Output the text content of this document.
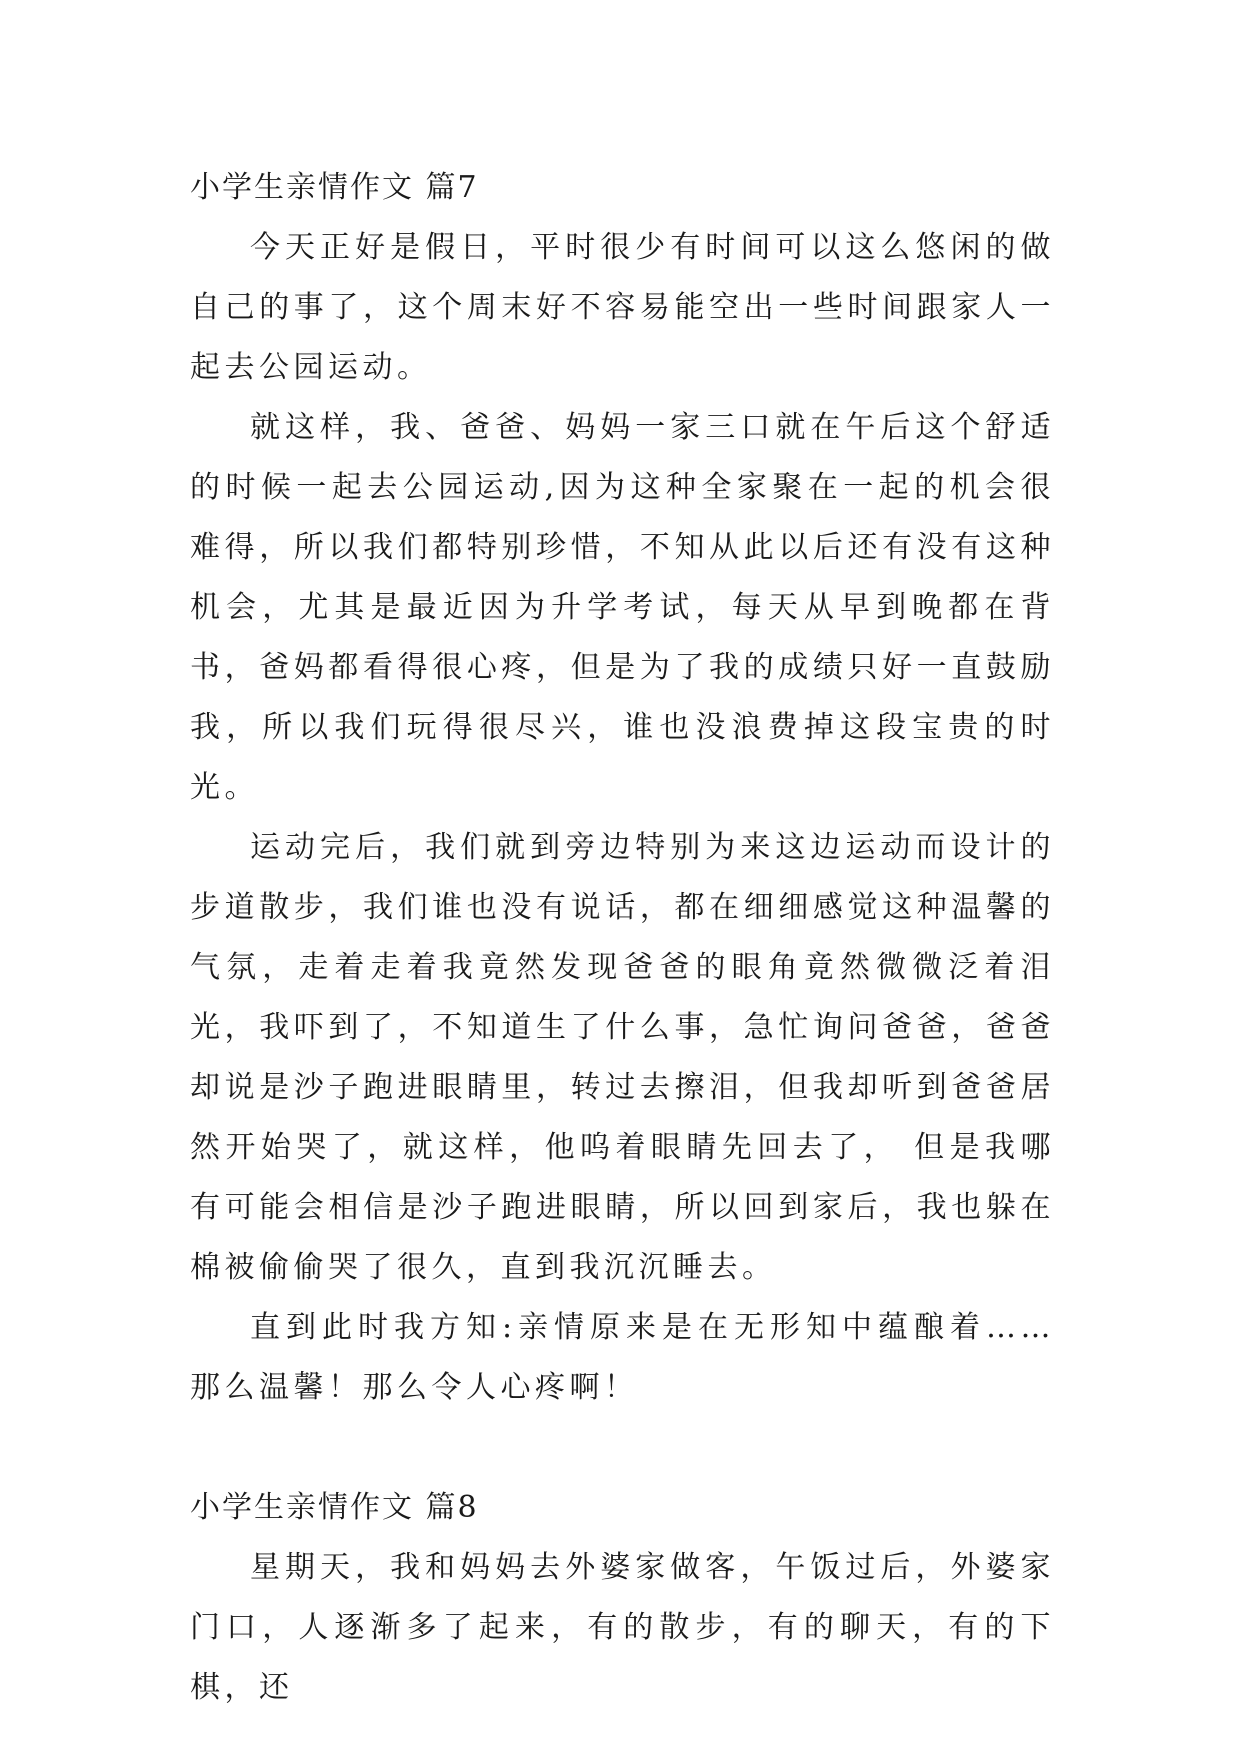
小学生亲情作文 篇7

今天正好是假日，平时很少有时间可以这么悠闲的做自己的事了，这个周末好不容易能空出一些时间跟家人一起去公园运动。

就这样，我、爸爸、妈妈一家三口就在午后这个舒适的时候一起去公园运动,因为这种全家聚在一起的机会很难得，所以我们都特别珍惜，不知从此以后还有没有这种机会，尤其是最近因为升学考试，每天从早到晚都在背书，爸妈都看得很心疼，但是为了我的成绩只好一直鼓励我，所以我们玩得很尽兴，谁也没浪费掉这段宝贵的时光。

运动完后，我们就到旁边特别为来这边运动而设计的步道散步，我们谁也没有说话，都在细细感觉这种温馨的气氛，走着走着我竟然发现爸爸的眼角竟然微微泛着泪光，我吓到了，不知道生了什么事，急忙询问爸爸，爸爸却说是沙子跑进眼睛里，转过去擦泪，但我却听到爸爸居然开始哭了，就这样，他呜着眼睛先回去了， 但是我哪有可能会相信是沙子跑进眼睛，所以回到家后，我也躲在棉被偷偷哭了很久，直到我沉沉睡去。

直到此时我方知:亲情原来是在无形知中蕴酿着……那么温馨！那么令人心疼啊！

小学生亲情作文 篇8

星期天，我和妈妈去外婆家做客，午饭过后，外婆家门口，人逐渐多了起来，有的散步，有的聊天，有的下棋，还
